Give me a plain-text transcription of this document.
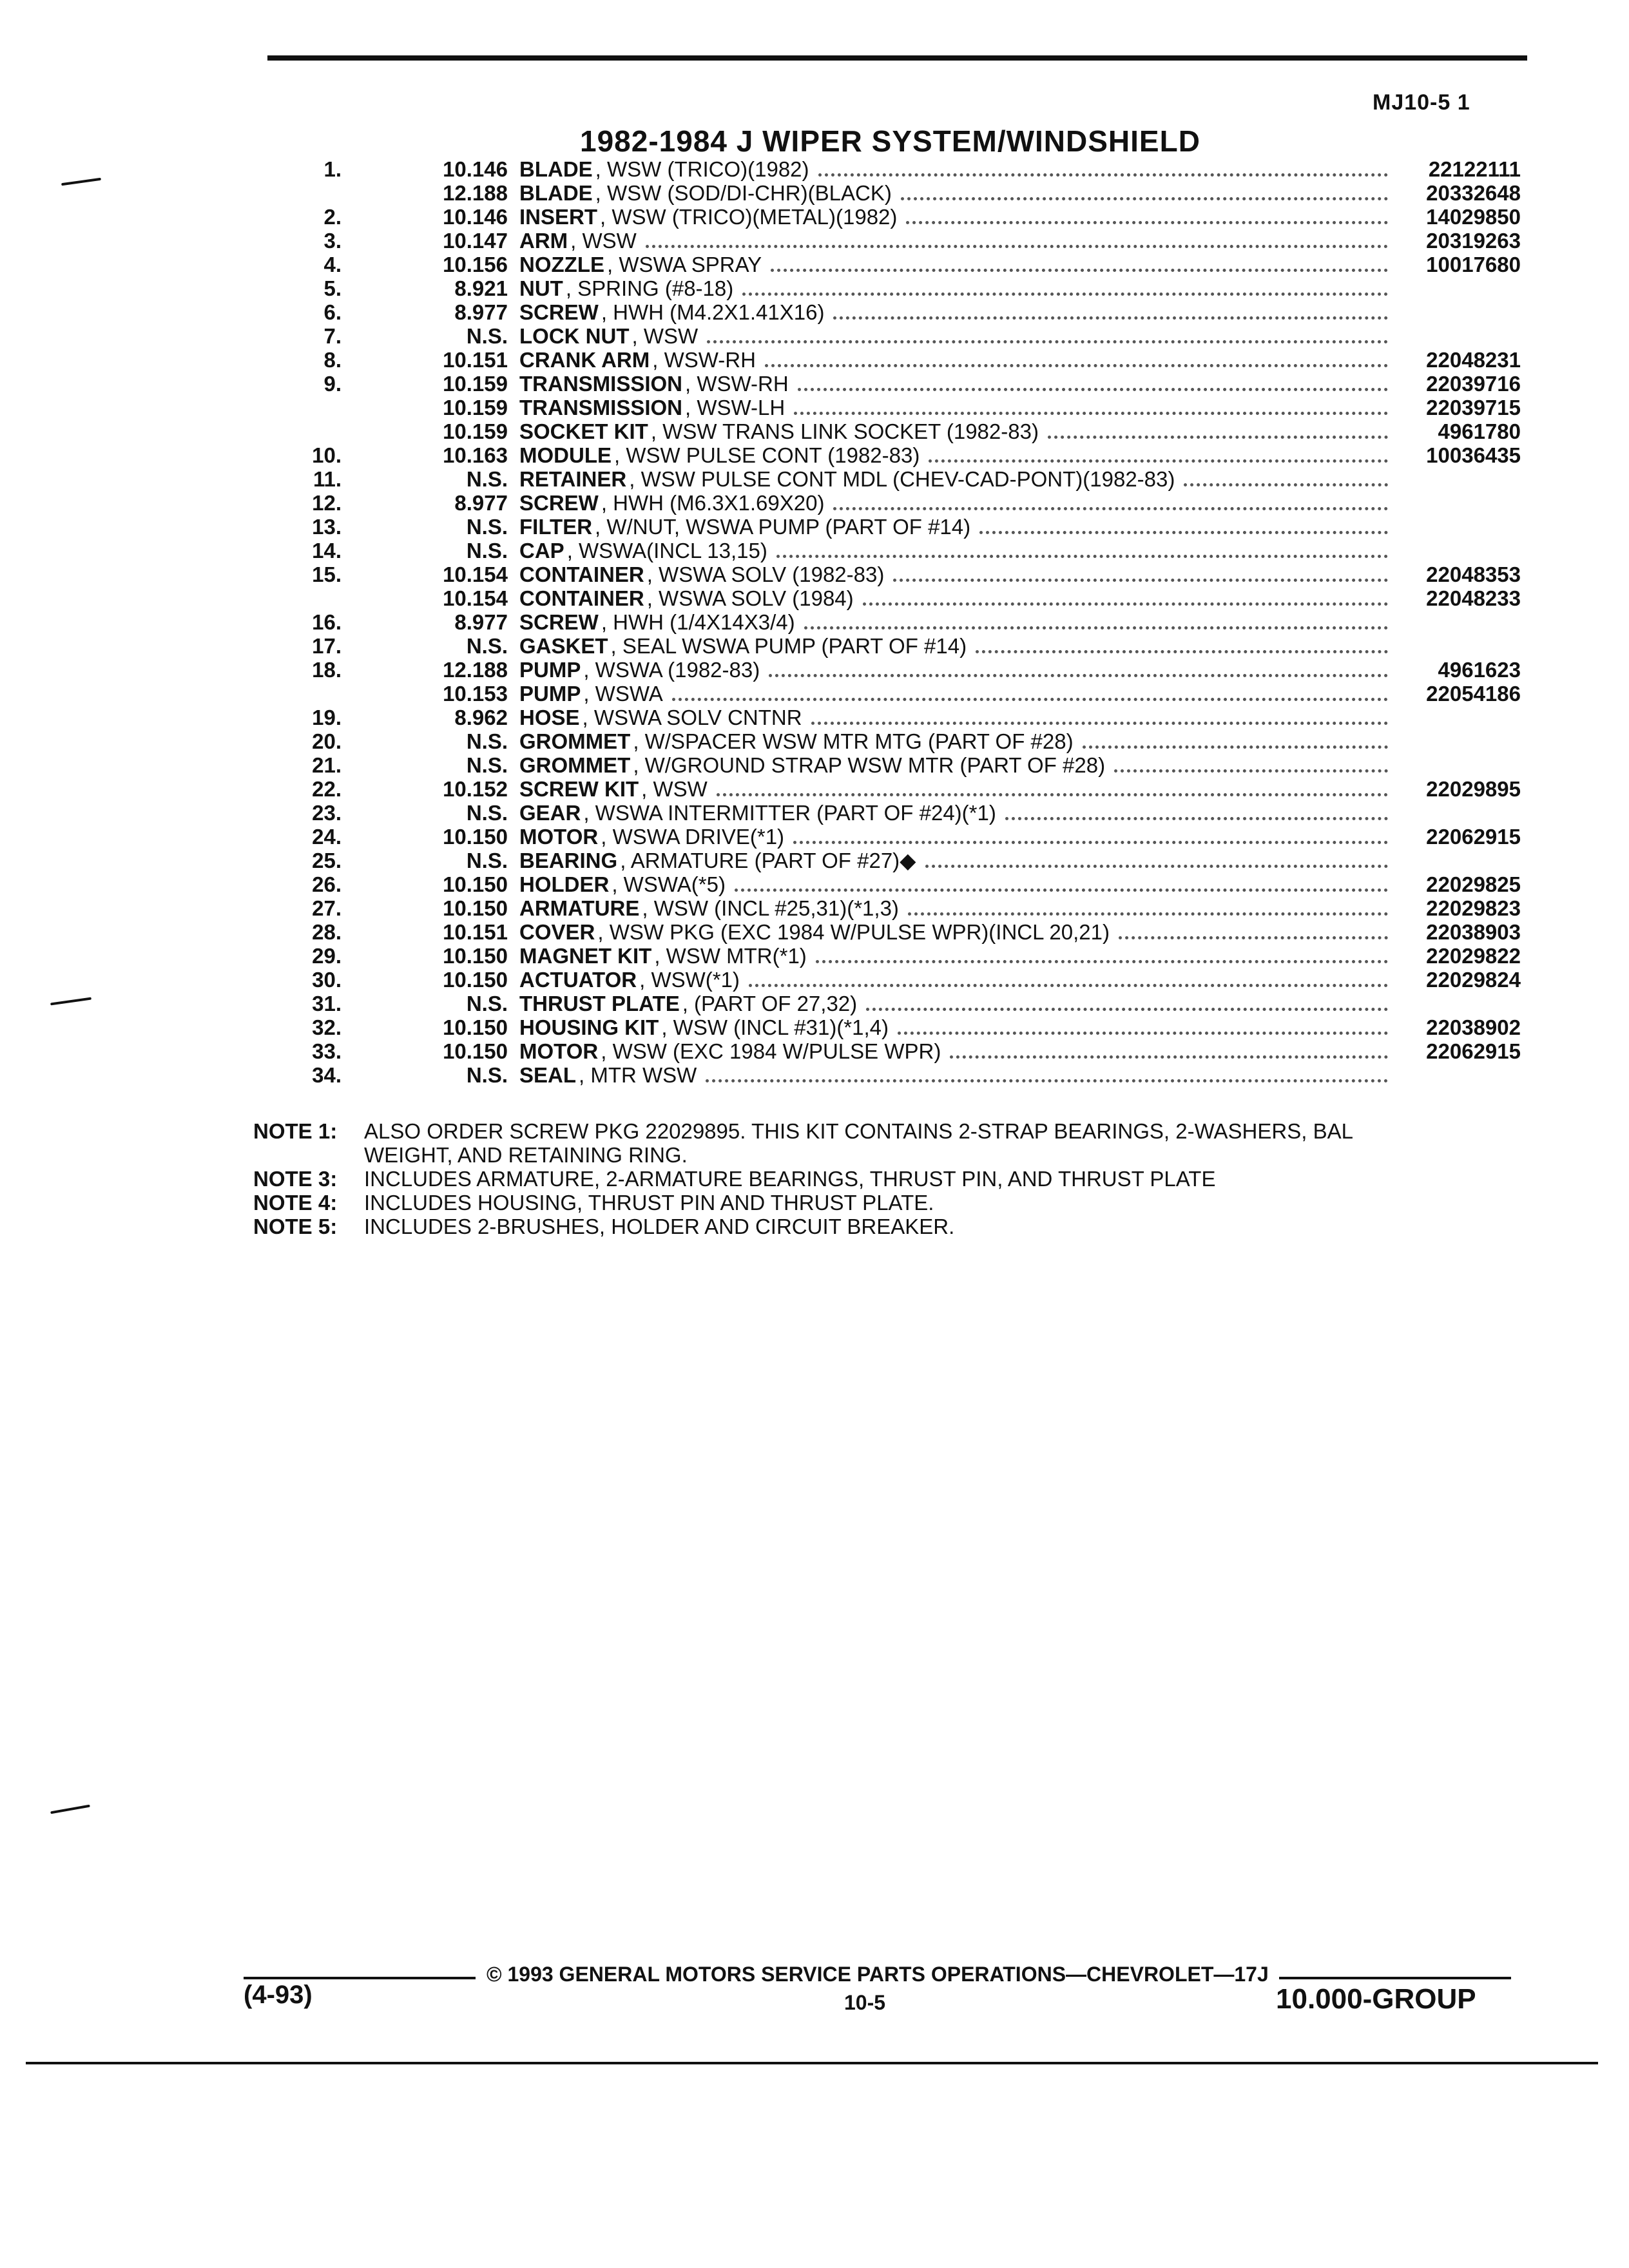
MJ10-5 1
1982-1984 J WIPER SYSTEM/WINDSHIELD
1.	10.146 BLADE , WSW (TRICO)(1982)	22122111
12.188 BLADE , WSW (SOD/DI-CHR)(BLACK)	20332648
2.	10.146 INSERT , WSW (TRICO)(METAL)(1982)	14029850
3.	10.147 ARM , WSW	20319263
4.	10.156 NOZZLE , WSWA SPRAY	10017680
5.	8.921 NUT , SPRING (#8-18)
6.	8.977 SCREW , HWH (M4.2X1.41X16)
7.	N.S. LOCK NUT , WSW
8.	10.151 CRANK ARM , WSW-RH	22048231
9.	10.159 TRANSMISSION , WSW-RH	22039716
10.159 TRANSMISSION , WSW-LH	22039715
10.159 SOCKET KIT , WSW TRANS LINK SOCKET (1982-83)	4961780
10.	10.163 MODULE , WSW PULSE CONT (1982-83)	10036435
11.	N.S. RETAINER , WSW PULSE CONT MDL (CHEV-CAD-PONT)(1982-83)
12.	8.977 SCREW , HWH (M6.3X1.69X20)
13.	N.S. FILTER , W/NUT, WSWA PUMP (PART OF #14)
14.	N.S. CAP , WSWA(INCL 13,15)
15.	10.154 CONTAINER , WSWA SOLV (1982-83)	22048353
10.154 CONTAINER , WSWA SOLV (1984)	22048233
16.	8.977 SCREW , HWH (1/4X14X3/4)
17.	N.S. GASKET , SEAL WSWA PUMP (PART OF #14)
18.	12.188 PUMP , WSWA (1982-83)	4961623
10.153 PUMP , WSWA	22054186
19.	8.962 HOSE , WSWA SOLV CNTNR
20.	N.S. GROMMET , W/SPACER WSW MTR MTG (PART OF #28)
21.	N.S. GROMMET , W/GROUND STRAP WSW MTR (PART OF #28)
22.	10.152 SCREW KIT , WSW	22029895
23.	N.S. GEAR , WSWA INTERMITTER (PART OF #24)(*1)
24.	10.150 MOTOR , WSWA DRIVE(*1)	22062915
25.	N.S. BEARING , ARMATURE (PART OF #27)◆
26.	10.150 HOLDER , WSWA(*5)	22029825
27.	10.150 ARMATURE , WSW (INCL #25,31)(*1,3)	22029823
28.	10.151 COVER , WSW PKG (EXC 1984 W/PULSE WPR)(INCL 20,21)	22038903
29.	10.150 MAGNET KIT , WSW MTR(*1)	22029822
30.	10.150 ACTUATOR , WSW(*1)	22029824
31.	N.S. THRUST PLATE , (PART OF 27,32)
32.	10.150 HOUSING KIT , WSW (INCL #31)(*1,4)	22038902
33.	10.150 MOTOR , WSW (EXC 1984 W/PULSE WPR)	22062915
34.	N.S. SEAL , MTR WSW
NOTE 1:	ALSO ORDER SCREW PKG 22029895. THIS KIT CONTAINS 2-STRAP BEARINGS, 2-WASHERS, BAL
WEIGHT, AND RETAINING RING.
NOTE 3:	INCLUDES ARMATURE, 2-ARMATURE BEARINGS, THRUST PIN, AND THRUST PLATE
NOTE 4:	INCLUDES HOUSING, THRUST PIN AND THRUST PLATE.
NOTE 5:	INCLUDES 2-BRUSHES, HOLDER AND CIRCUIT BREAKER.
(4-93)
© 1993 GENERAL MOTORS SERVICE PARTS OPERATIONS—CHEVROLET—17J
10-5	10.000-GROUP
